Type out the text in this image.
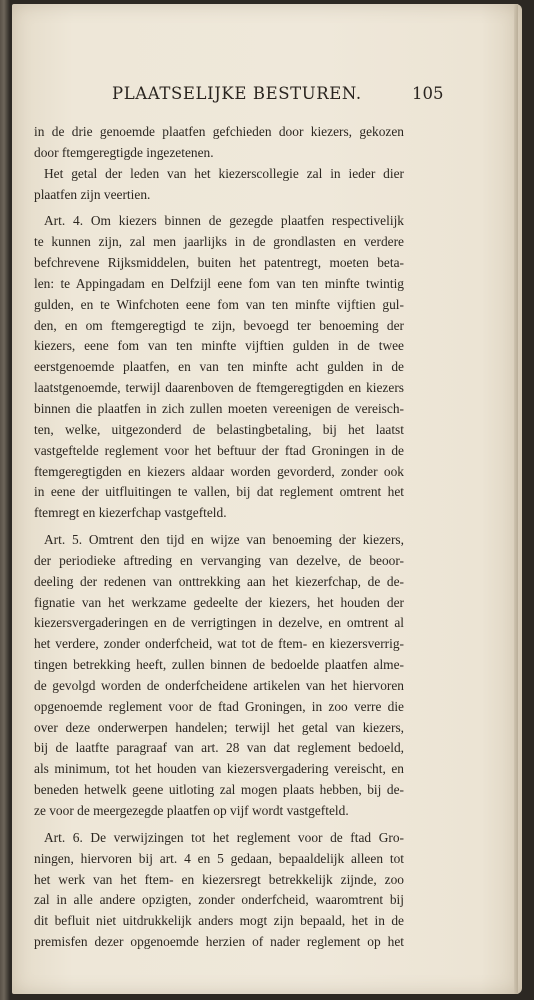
PLAATSELIJKE BESTUREN.	105
in de drie genoemde plaatfen gefchieden door kiezers, gekozen
door ftemgeregtigde ingezetenen.
Het getal der leden van het kiezerscollegie zal in ieder dier
plaatfen zijn veertien.
Art. 4. Om kiezers binnen de gezegde plaatfen respectivelijk
te kunnen zijn, zal men jaarlijks in de grondlasten en verdere
befchrevene Rijksmiddelen, buiten het patentregt, moeten beta-
len: te Appingadam en Delfzijl eene fom van ten minfte twintig
gulden, en te Winfchoten eene fom van ten minfte vijftien gul-
den, en om ftemgeregtigd te zijn, bevoegd ter benoeming der
kiezers, eene fom van ten minfte vijftien gulden in de twee
eerstgenoemde plaatfen, en van ten minfte acht gulden in de
laatstgenoemde, terwijl daarenboven de ftemgeregtigden en kiezers
binnen die plaatfen in zich zullen moeten vereenigen de vereisch-
ten, welke, uitgezonderd de belastingbetaling, bij het laatst
vastgeftelde reglement voor het beftuur der ftad Groningen in de
ftemgeregtigden en kiezers aldaar worden gevorderd, zonder ook
in eene der uitfluitingen te vallen, bij dat reglement omtrent het
ftemregt en kiezerfchap vastgefteld.
Art. 5. Omtrent den tijd en wijze van benoeming der kiezers,
der periodieke aftreding en vervanging van dezelve, de beoor-
deeling der redenen van onttrekking aan het kiezerfchap, de de-
fignatie van het werkzame gedeelte der kiezers, het houden der
kiezersvergaderingen en de verrigtingen in dezelve, en omtrent al
het verdere, zonder onderfcheid, wat tot de ftem- en kiezersverrig-
tingen betrekking heeft, zullen binnen de bedoelde plaatfen alme-
de gevolgd worden de onderfcheidene artikelen van het hiervoren
opgenoemde reglement voor de ftad Groningen, in zoo verre die
over deze onderwerpen handelen; terwijl het getal van kiezers,
bij de laatfte paragraaf van art. 28 van dat reglement bedoeld,
als minimum, tot het houden van kiezersvergadering vereischt, en
beneden hetwelk geene uitloting zal mogen plaats hebben, bij de-
ze voor de meergezegde plaatfen op vijf wordt vastgefteld.
Art. 6. De verwijzingen tot het reglement voor de ftad Gro-
ningen, hiervoren bij art. 4 en 5 gedaan, bepaaldelijk alleen tot
het werk van het ftem- en kiezersregt betrekkelijk zijnde, zoo
zal in alle andere opzigten, zonder onderfcheid, waaromtrent bij
dit befluit niet uitdrukkelijk anders mogt zijn bepaald, het in de
premisfen dezer opgenoemde herzien of nader reglement op het
